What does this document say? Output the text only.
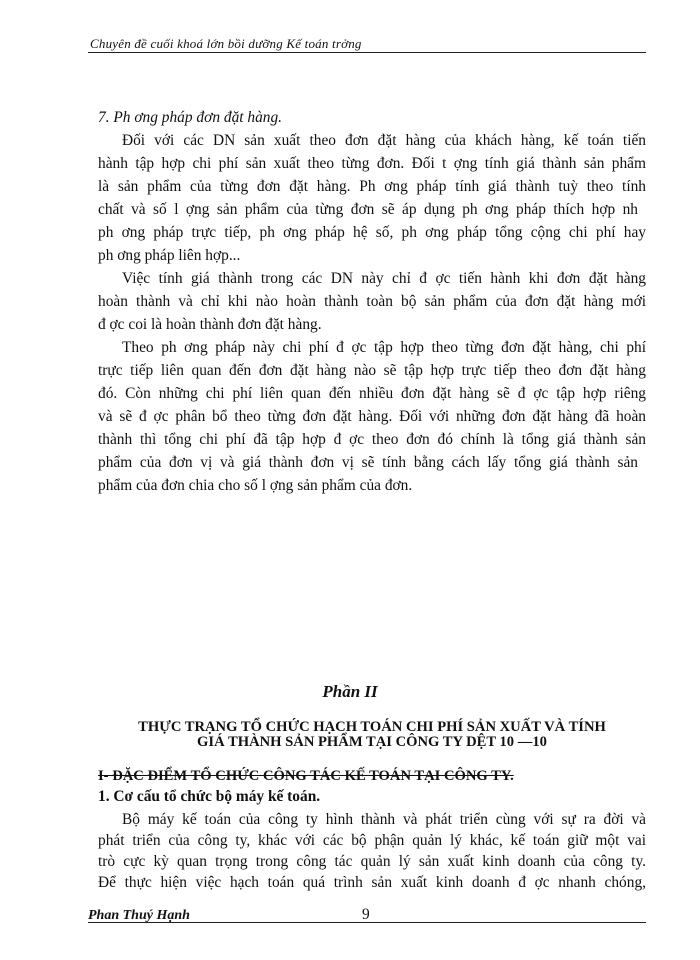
Chuyên đề cuối khoá lớn bồi dưỡng Kế toán trởng
7. Ph ơng pháp đơn đặt hàng.
Đối với các DN sản xuất theo đơn đặt hàng của khách hàng, kế toán tiến
hành tập hợp chi phí sản xuất theo từng đơn. Đối t ợng tính giá thành sản phẩm
là sản phẩm của từng đơn đặt hàng. Ph ơng pháp tính giá thành tuỳ theo tính
chất và số l ợng sản phẩm của từng đơn sẽ áp dụng ph ơng pháp thích hợp nh
ph ơng pháp trực tiếp, ph ơng pháp hệ số, ph ơng pháp tổng cộng chi phí hay
ph ơng pháp liên hợp...
Việc tính giá thành trong các DN này chỉ đ ợc tiến hành khi đơn đặt hàng
hoàn thành và chỉ khi nào hoàn thành toàn bộ sản phẩm của đơn đặt hàng mới
đ ợc coi là hoàn thành đơn đặt hàng.
Theo ph ơng pháp này chi phí đ ợc tập hợp theo từng đơn đặt hàng, chi phí
trực tiếp liên quan đến đơn đặt hàng nào sẽ tập hợp trực tiếp theo đơn đặt hàng
đó. Còn những chi phí liên quan đến nhiều đơn đặt hàng sẽ đ ợc tập hợp riêng
và sẽ đ ợc phân bổ theo từng đơn đặt hàng. Đối với những đơn đặt hàng đã hoàn
thành thì tổng chi phí đã tập hợp đ ợc theo đơn đó chính là tổng giá thành sản
phẩm của đơn vị và giá thành đơn vị sẽ tính bằng cách lấy tổng giá thành sản
phẩm của đơn chia cho số l ợng sản phẩm của đơn.
Phần II
THỰC TRẠNG TỔ CHỨC HẠCH TOÁN CHI PHÍ SẢN XUẤT VÀ TÍNH
GIÁ THÀNH SẢN PHẨM TẠI CÔNG TY DỆT 10 —10
I- ĐẶC ĐIỂM TỔ CHỨC CÔNG TÁC KẾ TOÁN TẠI CÔNG TY.
1. Cơ cấu tổ chức bộ máy kế toán.
Bộ máy kế toán của công ty hình thành và phát triển cùng với sự ra đời và
phát triển của công ty, khác với các bộ phận quản lý khác, kế toán giữ một vai
trò cực kỳ quan trọng trong công tác quản lý sản xuất kinh doanh của công ty.
Để thực hiện việc hạch toán quá trình sản xuất kinh doanh đ ợc nhanh chóng,
Phan Thuý Hạnh	9
